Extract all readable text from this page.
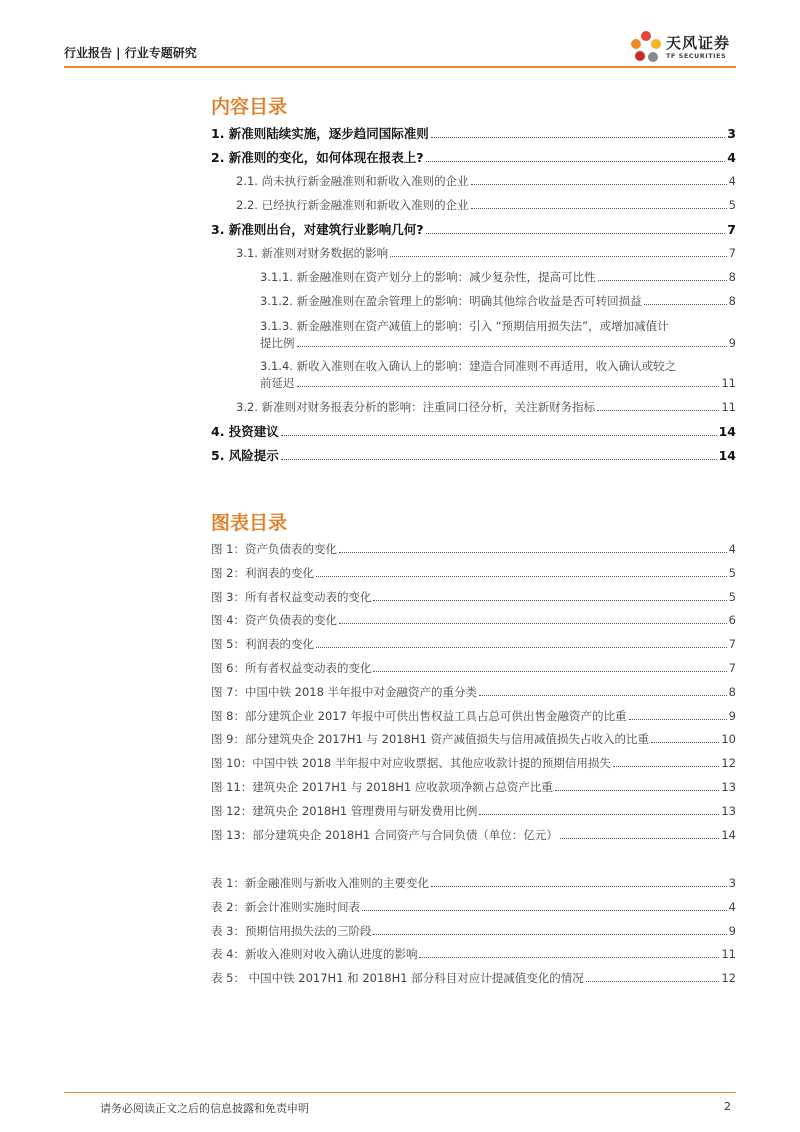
行业报告 | 行业专题研究
天风证券
TF SECURITIES
内容目录
1. 新准则陆续实施，逐步趋同国际准则	3
2. 新准则的变化，如何体现在报表上?	4
2.1. 尚未执行新金融准则和新收入准则的企业	4
2.2. 已经执行新金融准则和新收入准则的企业	5
3. 新准则出台，对建筑行业影响几何?	7
3.1. 新准则对财务数据的影响	7
3.1.1. 新金融准则在资产划分上的影响：减少复杂性，提高可比性	8
3.1.2. 新金融准则在盈余管理上的影响：明确其他综合收益是否可转回损益	8
3.1.3. 新金融准则在资产减值上的影响：引入 “预期信用损失法”，或增加减值计
提比例	9
3.1.4. 新收入准则在收入确认上的影响：建造合同准则不再适用，收入确认或较之
前延迟	11
3.2. 新准则对财务报表分析的影响：注重同口径分析，关注新财务指标	11
4. 投资建议	14
5. 风险提示	14
图表目录
图 1：资产负债表的变化	4
图 2：利润表的变化	5
图 3：所有者权益变动表的变化	5
图 4：资产负债表的变化	6
图 5：利润表的变化	7
图 6：所有者权益变动表的变化	7
图 7：中国中铁 2018 半年报中对金融资产的重分类	8
图 8：部分建筑企业 2017 年报中可供出售权益工具占总可供出售金融资产的比重	9
图 9：部分建筑央企 2017H1 与 2018H1 资产减值损失与信用减值损失占收入的比重	10
图 10：中国中铁 2018 半年报中对应收票据、其他应收款计提的预期信用损失	12
图 11：建筑央企 2017H1 与 2018H1 应收款项净额占总资产比重	13
图 12：建筑央企 2018H1 管理费用与研发费用比例	13
图 13：部分建筑央企 2018H1 合同资产与合同负债（单位：亿元）	14
表 1：新金融准则与新收入准则的主要变化	3
表 2：新会计准则实施时间表	4
表 3：预期信用损失法的三阶段	9
表 4：新收入准则对收入确认进度的影响	11
表 5： 中国中铁 2017H1 和 2018H1 部分科目对应计提减值变化的情况	12
请务必阅读正文之后的信息披露和免责申明	2
